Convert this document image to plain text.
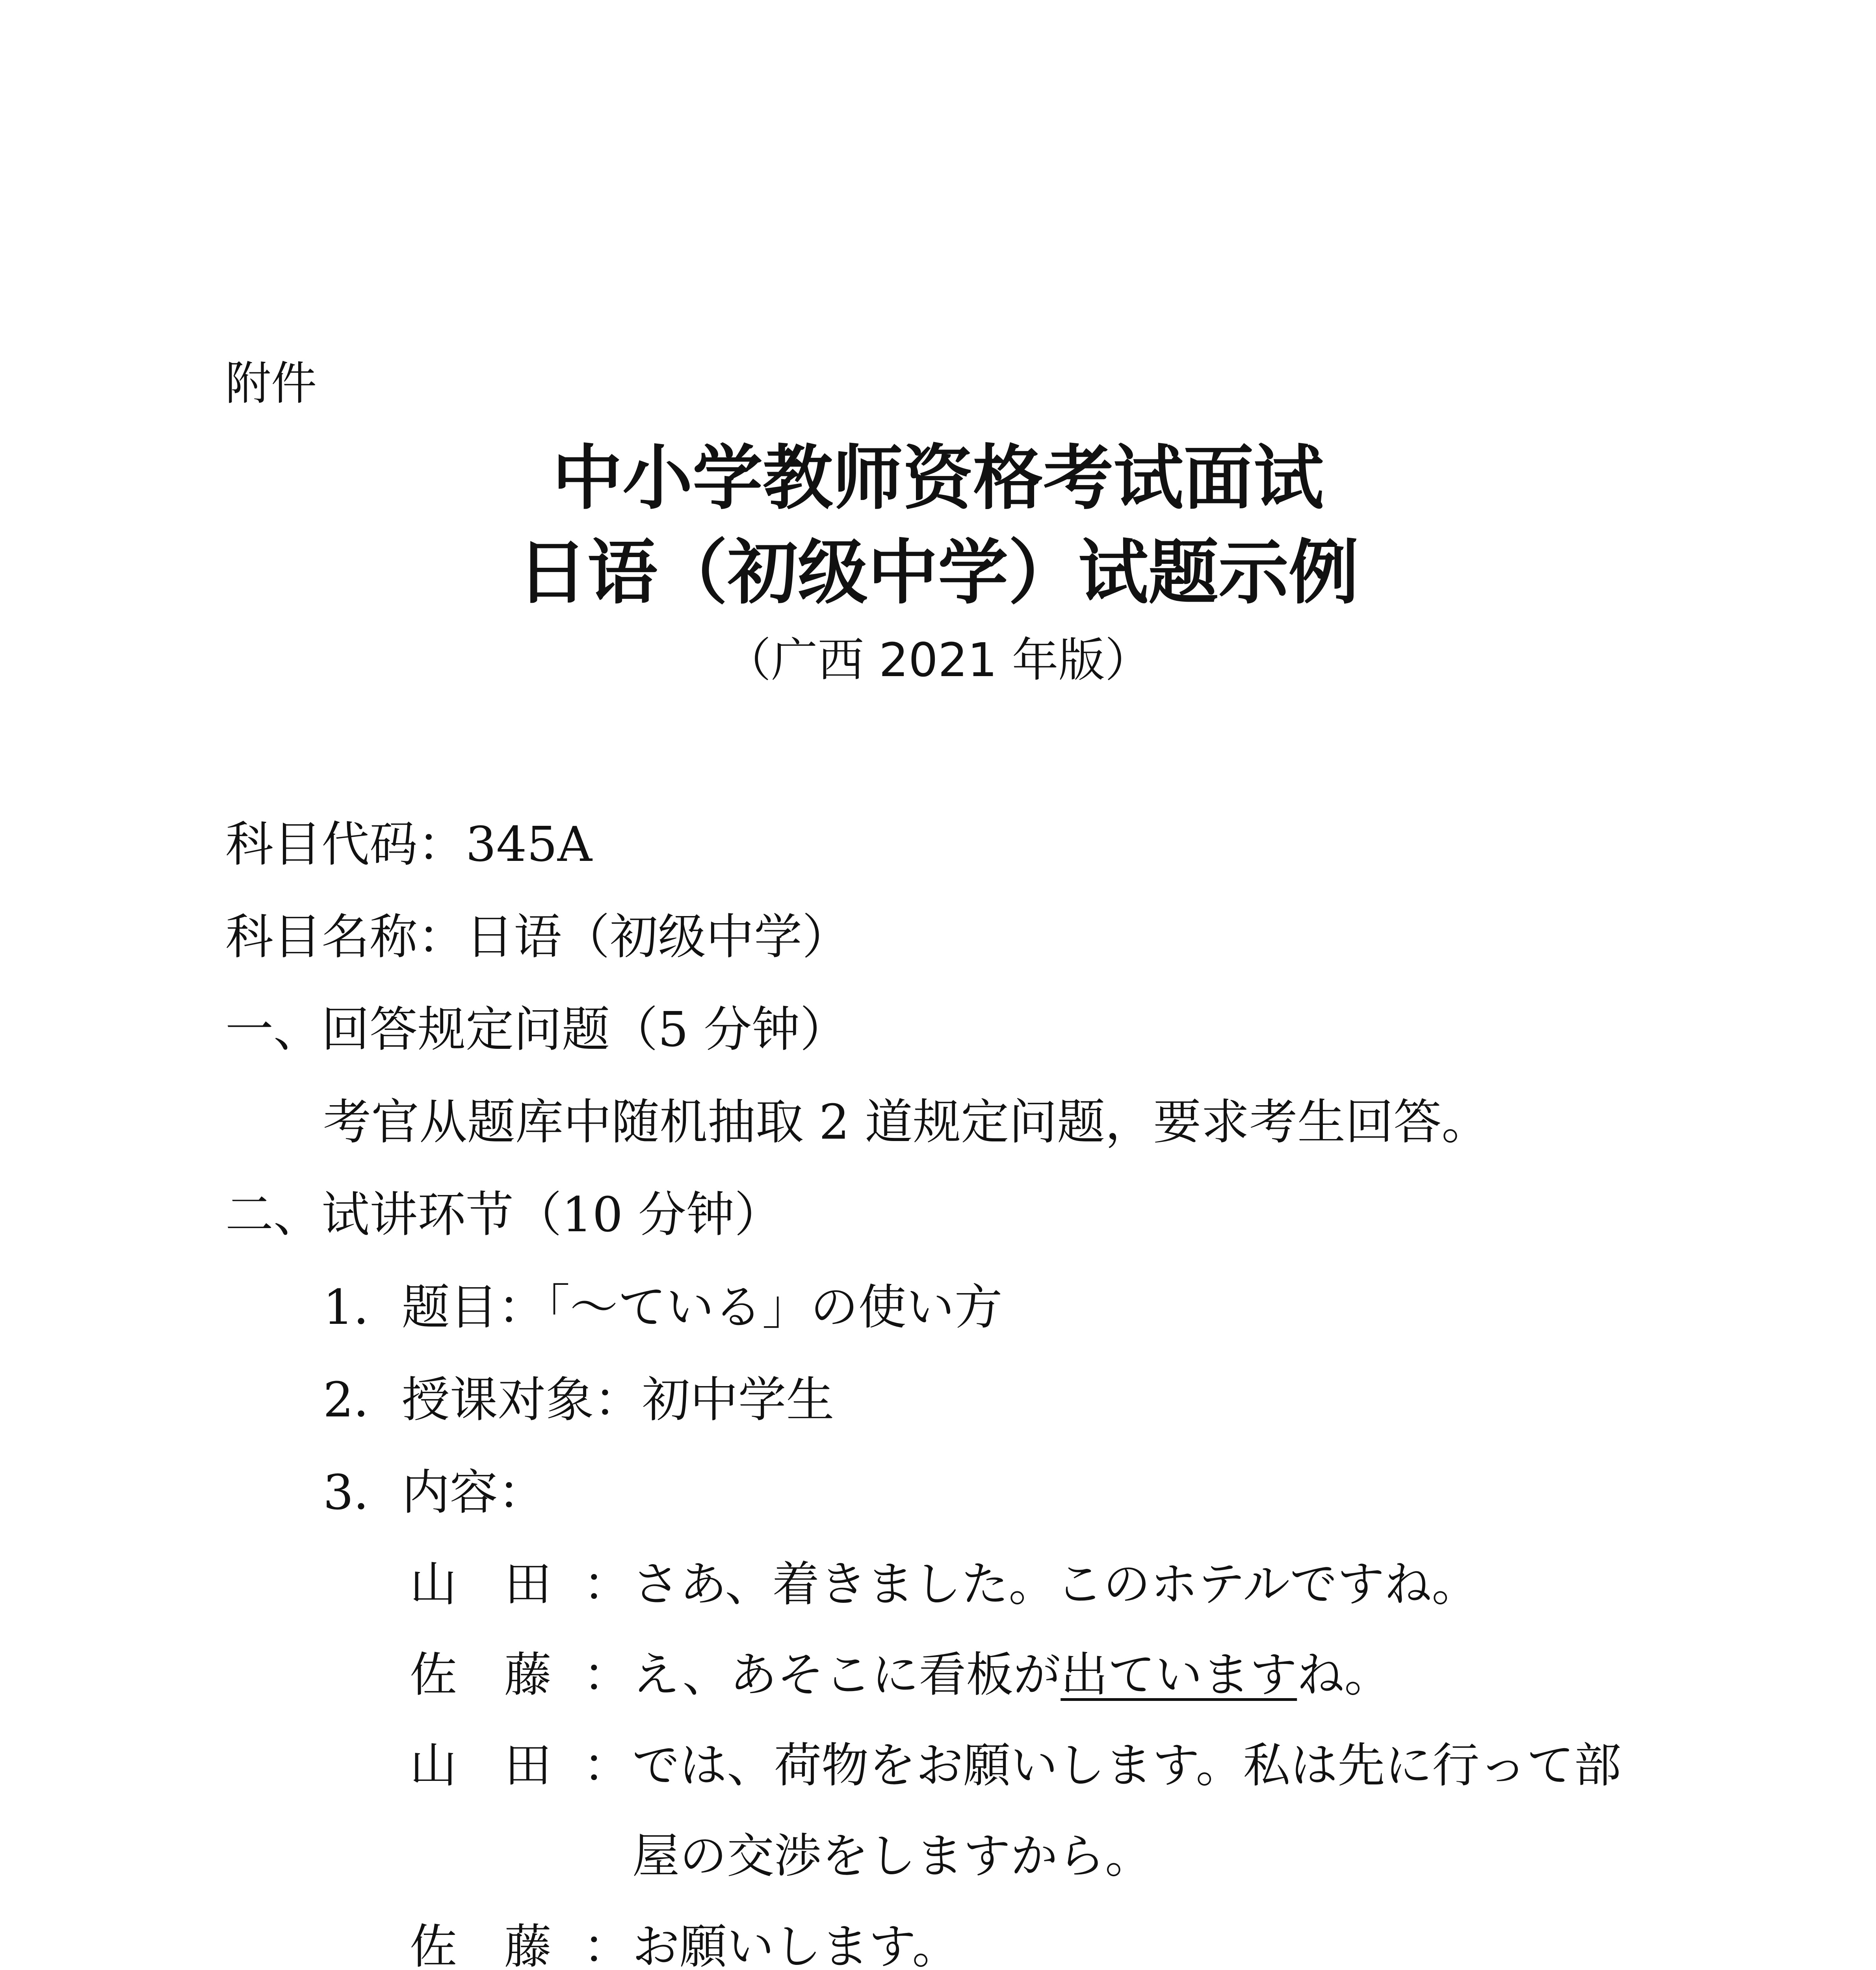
附件
中小学教师资格考试面试
日语（初级中学）试题示例
（广西 2021 年版）
科目代码：345A
科目名称：日语（初级中学）
一、回答规定问题（5 分钟）
考官从题库中随机抽取 2 道规定问题，要求考生回答。
二、试讲环节（10 分钟）
1．题目：「～ている」の使い方
2．授课对象：初中学生
3．内容：
山　田 ： さあ、着きました。このホテルですね。
佐　藤 ： え、あそこに看板が出ていますね。
山　田 ： では、荷物をお願いします。私は先に行って部
屋の交渉をしますから。
佐　藤 ： お願いします。
